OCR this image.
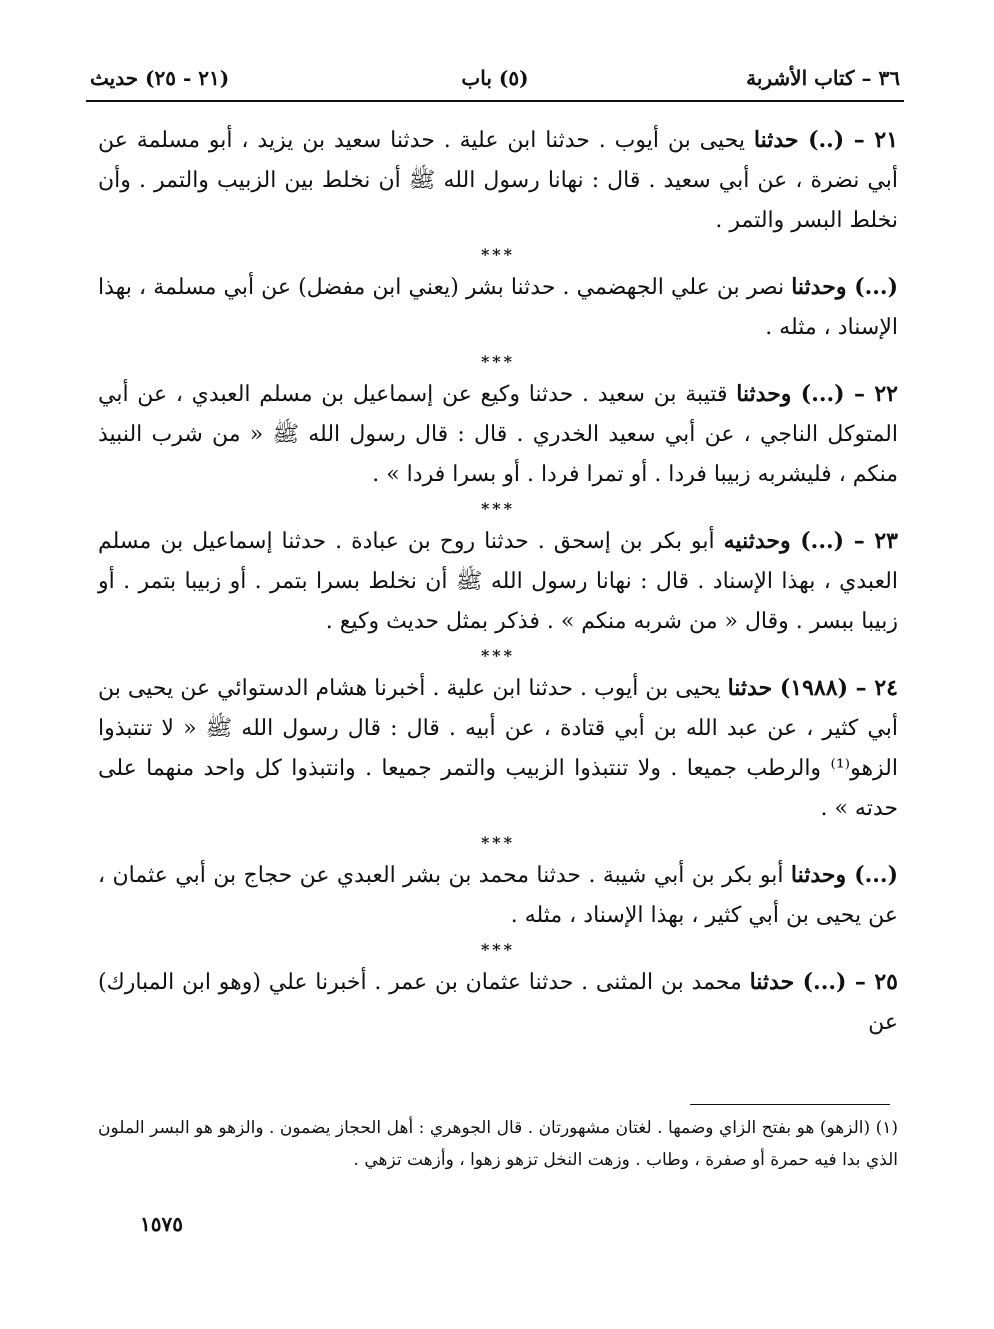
٣٦ – كتاب الأشربة
(٥) باب
(٢١ - ٢٥) حديث

٢١ – (..) حدثنا يحيى بن أيوب . حدثنا ابن علية . حدثنا سعيد بن يزيد ، أبو مسلمة عن أبي نضرة ، عن أبي سعيد . قال : نهانا رسول الله ﷺ أن نخلط بين الزبيب والتمر . وأن نخلط البسر والتمر .

***

(...) وحدثنا نصر بن علي الجهضمي . حدثنا بشر (يعني ابن مفضل) عن أبي مسلمة ، بهذا الإسناد ، مثله .

***

٢٢ – (...) وحدثنا قتيبة بن سعيد . حدثنا وكيع عن إسماعيل بن مسلم العبدي ، عن أبي المتوكل الناجي ، عن أبي سعيد الخدري . قال : قال رسول الله ﷺ « من شرب النبيذ منكم ، فليشربه زبيبا فردا . أو تمرا فردا . أو بسرا فردا » .

***

٢٣ – (...) وحدثنيه أبو بكر بن إسحق . حدثنا روح بن عبادة . حدثنا إسماعيل بن مسلم العبدي ، بهذا الإسناد . قال : نهانا رسول الله ﷺ أن نخلط بسرا بتمر . أو زبيبا بتمر . أو زبيبا ببسر . وقال « من شربه منكم » . فذكر بمثل حديث وكيع .

***

٢٤ – (١٩٨٨) حدثنا يحيى بن أيوب . حدثنا ابن علية . أخبرنا هشام الدستوائي عن يحيى بن أبي كثير ، عن عبد الله بن أبي قتادة ، عن أبيه . قال : قال رسول الله ﷺ « لا تنتبذوا الزهو⁽¹⁾ والرطب جميعا . ولا تنتبذوا الزبيب والتمر جميعا . وانتبذوا كل واحد منهما على حدته » .

***

(...) وحدثنا أبو بكر بن أبي شيبة . حدثنا محمد بن بشر العبدي عن حجاج بن أبي عثمان ، عن يحيى بن أبي كثير ، بهذا الإسناد ، مثله .

***

٢٥ – (...) حدثنا محمد بن المثنى . حدثنا عثمان بن عمر . أخبرنا علي (وهو ابن المبارك) عن

(١) (الزهو) هو بفتح الزاي وضمها . لغتان مشهورتان . قال الجوهري : أهل الحجاز يضمون . والزهو هو البسر الملون الذي بدا فيه حمرة أو صفرة ، وطاب . وزهت النخل تزهو زهوا ، وأزهت تزهي .
١٥٧٥
